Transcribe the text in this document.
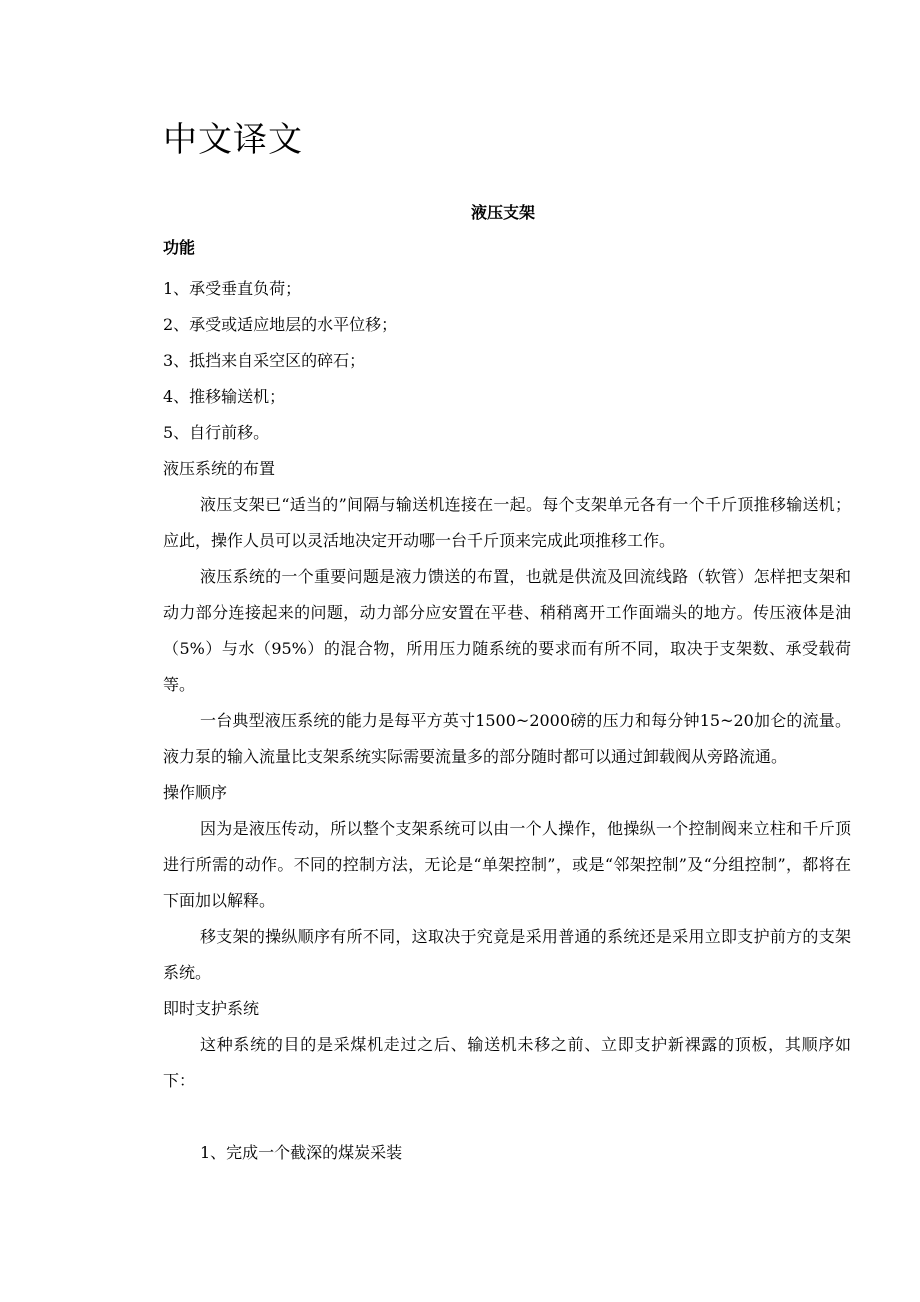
中文译文
液压支架
功能

1、承受垂直负荷；

2、承受或适应地层的水平位移；

3、抵挡来自采空区的碎石；

4、推移输送机；

5、自行前移。

液压系统的布置

液压支架已“适当的”间隔与输送机连接在一起。每个支架单元各有一个千斤顶推移输送机；应此，操作人员可以灵活地决定开动哪一台千斤顶来完成此项推移工作。

液压系统的一个重要问题是液力馈送的布置，也就是供流及回流线路（软管）怎样把支架和动力部分连接起来的问题，动力部分应安置在平巷、稍稍离开工作面端头的地方。传压液体是油（5%）与水（95%）的混合物，所用压力随系统的要求而有所不同，取决于支架数、承受载荷等。

一台典型液压系统的能力是每平方英寸1500~2000磅的压力和每分钟15~20加仑的流量。液力泵的输入流量比支架系统实际需要流量多的部分随时都可以通过卸载阀从旁路流通。

操作顺序

因为是液压传动，所以整个支架系统可以由一个人操作，他操纵一个控制阀来立柱和千斤顶进行所需的动作。不同的控制方法，无论是“单架控制”，或是“邻架控制”及“分组控制”，都将在下面加以解释。

移支架的操纵顺序有所不同，这取决于究竟是采用普通的系统还是采用立即支护前方的支架系统。

即时支护系统

这种系统的目的是采煤机走过之后、输送机未移之前、立即支护新裸露的顶板，其顺序如下：

1、完成一个截深的煤炭采装
